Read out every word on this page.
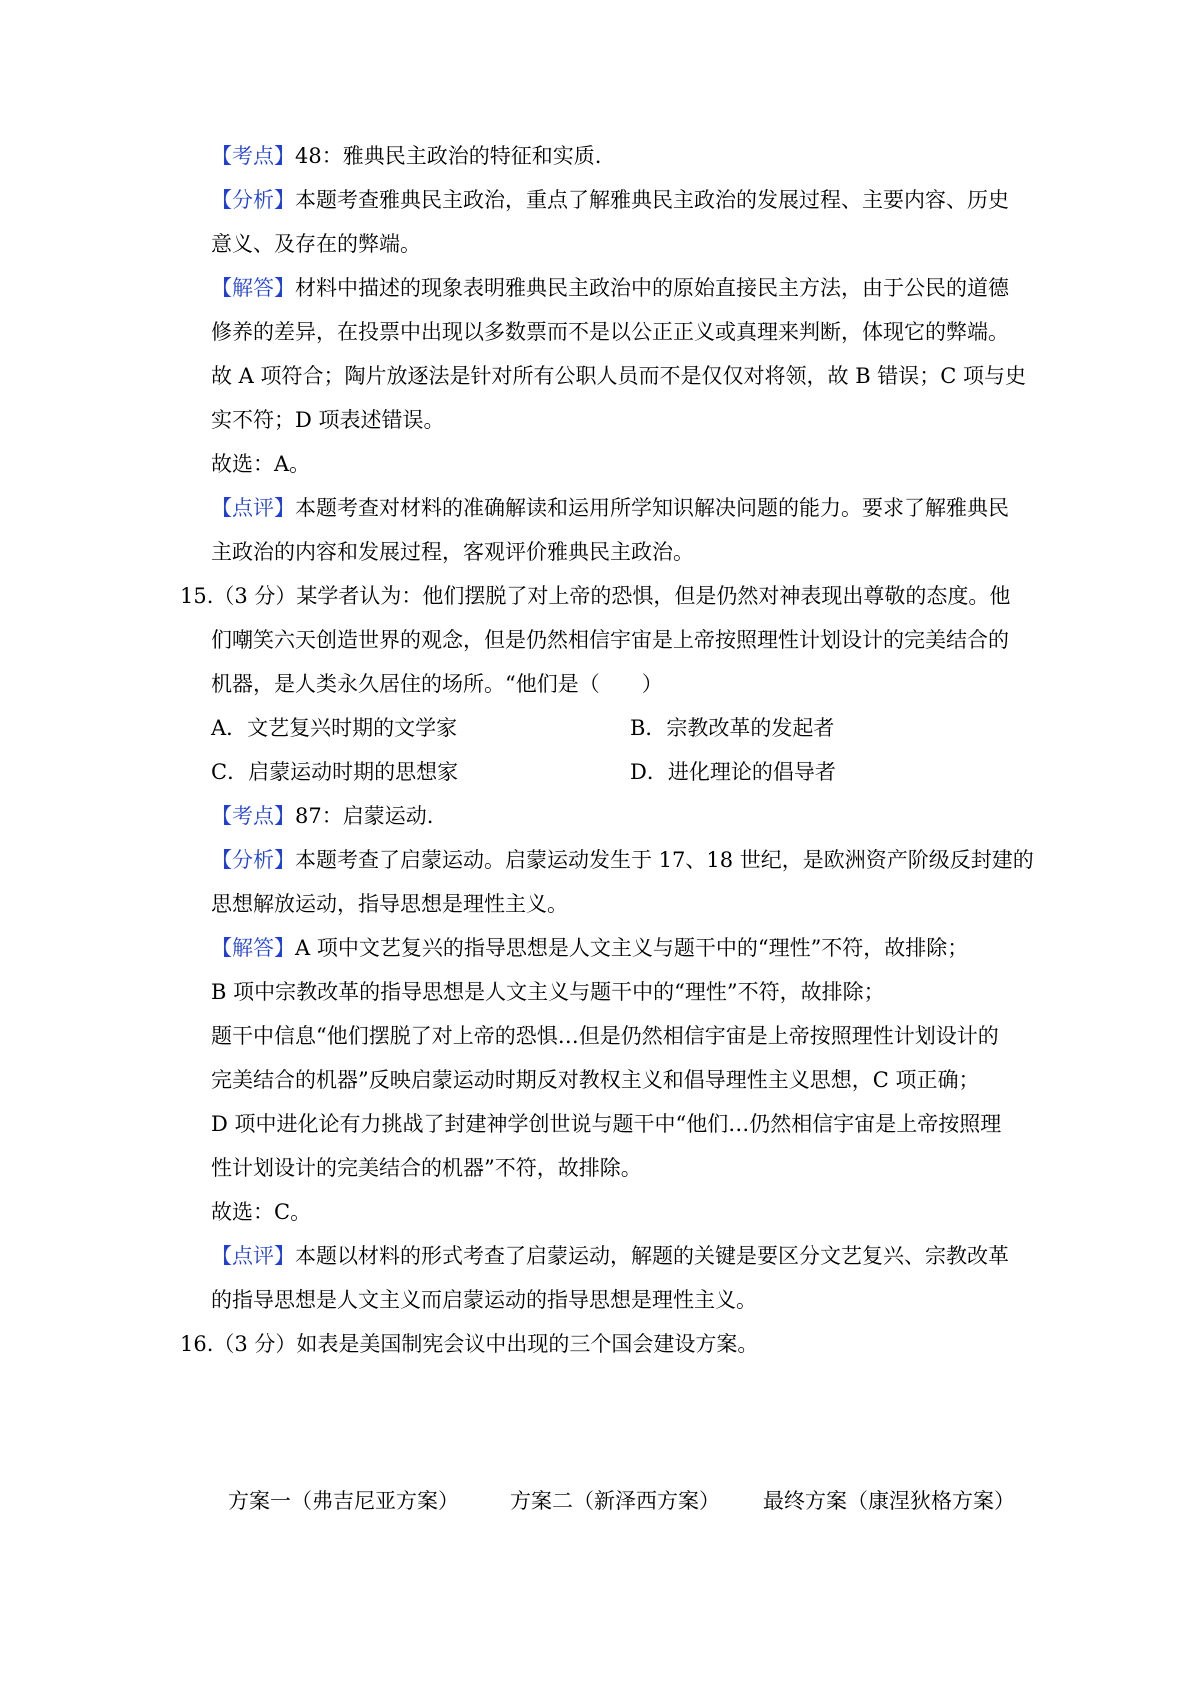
【考点】48：雅典民主政治的特征和实质.

【分析】本题考查雅典民主政治，重点了解雅典民主政治的发展过程、主要内容、历史

意义、及存在的弊端。

【解答】材料中描述的现象表明雅典民主政治中的原始直接民主方法，由于公民的道德

修养的差异，在投票中出现以多数票而不是以公正正义或真理来判断，体现它的弊端。

故 A 项符合；陶片放逐法是针对所有公职人员而不是仅仅对将领，故 B 错误；C 项与史

实不符；D 项表述错误。

故选：A。

【点评】本题考查对材料的准确解读和运用所学知识解决问题的能力。要求了解雅典民

主政治的内容和发展过程，客观评价雅典民主政治。

15.（3 分）某学者认为：他们摆脱了对上帝的恐惧，但是仍然对神表现出尊敬的态度。他

们嘲笑六天创造世界的观念，但是仍然相信宇宙是上帝按照理性计划设计的完美结合的

机器，是人类永久居住的场所。“他们是（　　）

A．文艺复兴时期的文学家	B．宗教改革的发起者
C．启蒙运动时期的思想家	D．进化理论的倡导者

【考点】87：启蒙运动.

【分析】本题考查了启蒙运动。启蒙运动发生于 17、18 世纪，是欧洲资产阶级反封建的

思想解放运动，指导思想是理性主义。

【解答】A 项中文艺复兴的指导思想是人文主义与题干中的“理性”不符，故排除；

B 项中宗教改革的指导思想是人文主义与题干中的“理性”不符，故排除；

题干中信息“他们摆脱了对上帝的恐惧…但是仍然相信宇宙是上帝按照理性计划设计的

完美结合的机器”反映启蒙运动时期反对教权主义和倡导理性主义思想，C 项正确；

D 项中进化论有力挑战了封建神学创世说与题干中“他们…仍然相信宇宙是上帝按照理

性计划设计的完美结合的机器”不符，故排除。

故选：C。

【点评】本题以材料的形式考查了启蒙运动，解题的关键是要区分文艺复兴、宗教改革

的指导思想是人文主义而启蒙运动的指导思想是理性主义。

16.（3 分）如表是美国制宪会议中出现的三个国会建设方案。

方案一（弗吉尼亚方案） 方案二（新泽西方案） 最终方案（康涅狄格方案）
